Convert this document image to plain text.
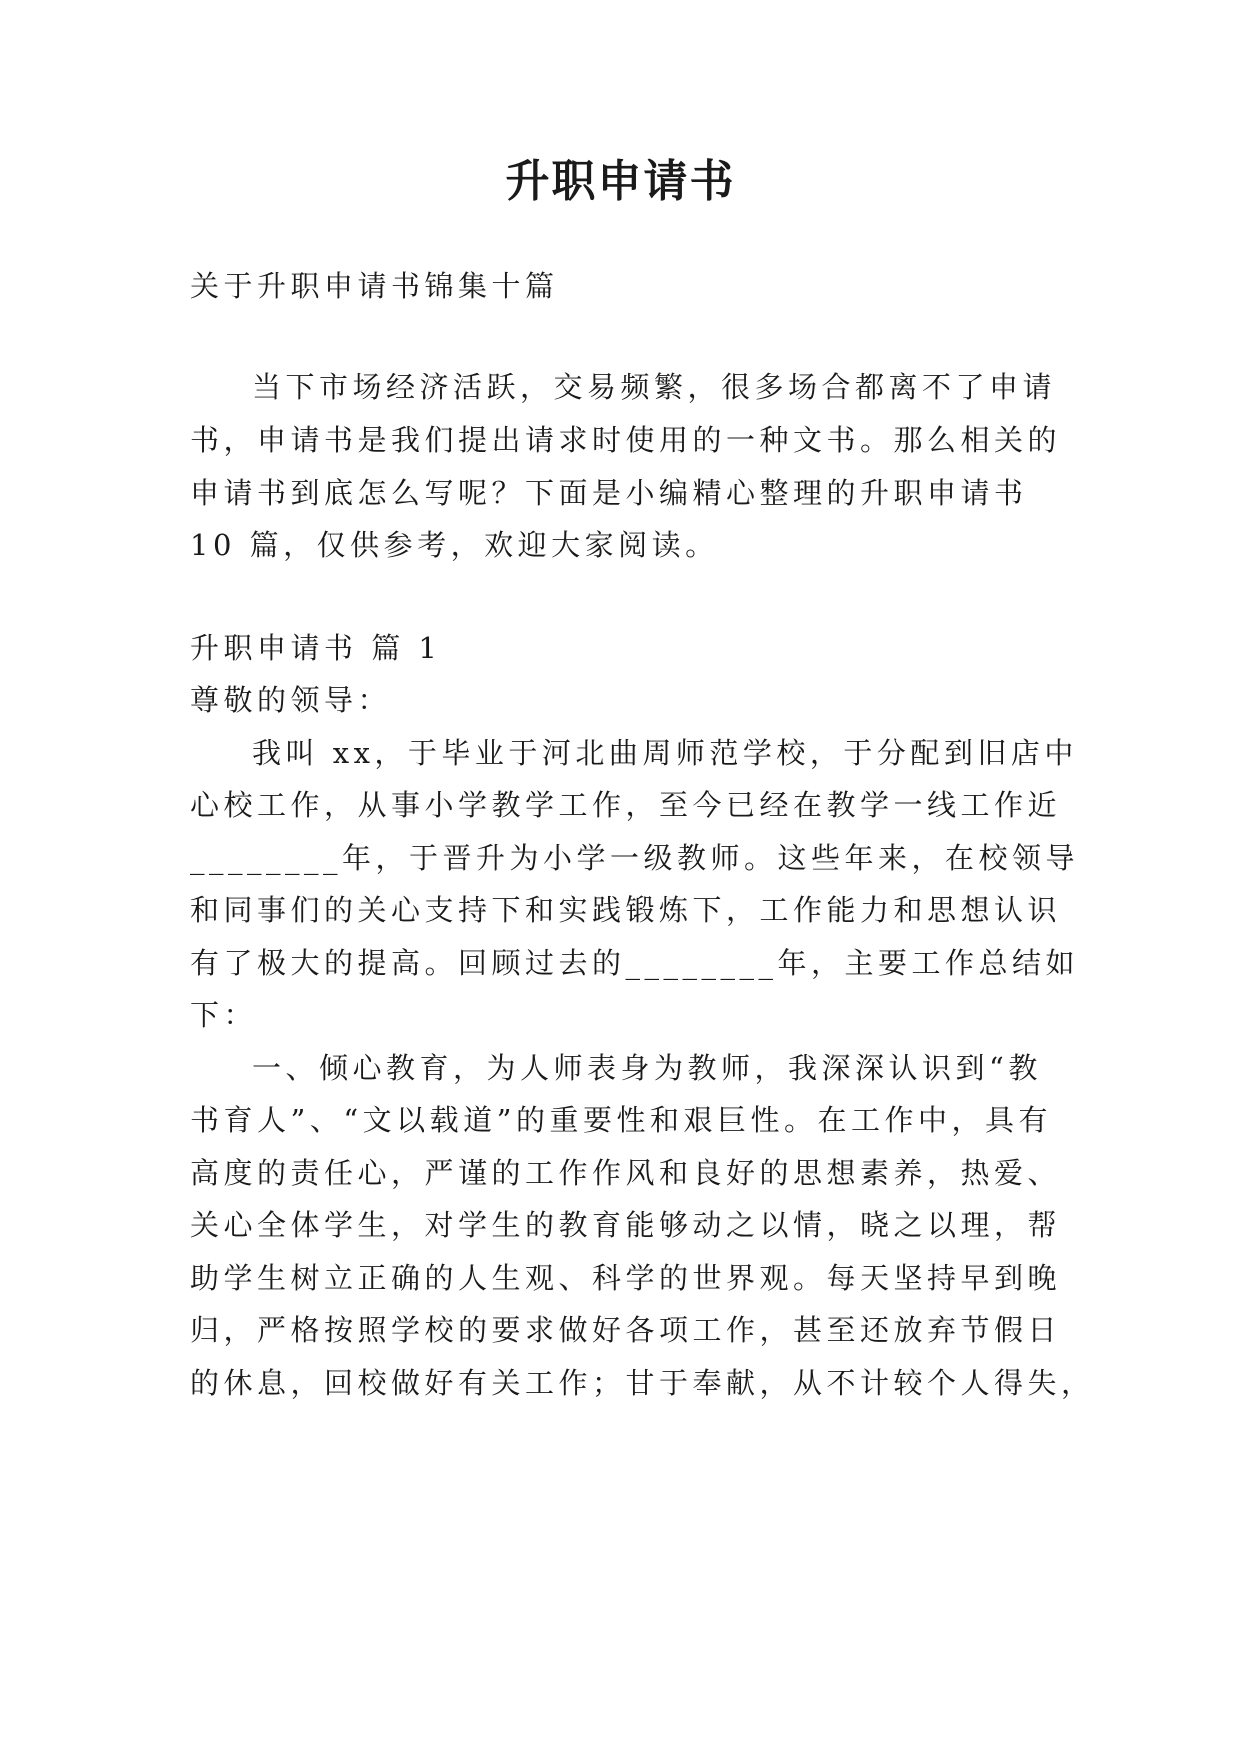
升职申请书
关于升职申请书锦集十篇
当下市场经济活跃，交易频繁，很多场合都离不了申请
书，申请书是我们提出请求时使用的一种文书。那么相关的
申请书到底怎么写呢？下面是小编精心整理的升职申请书
10 篇，仅供参考，欢迎大家阅读。
升职申请书 篇 1
尊敬的领导：
我叫 xx，于毕业于河北曲周师范学校，于分配到旧店中
心校工作，从事小学教学工作，至今已经在教学一线工作近
________年，于晋升为小学一级教师。这些年来，在校领导
和同事们的关心支持下和实践锻炼下，工作能力和思想认识
有了极大的提高。回顾过去的________年，主要工作总结如
下：
一、倾心教育，为人师表身为教师，我深深认识到“教
书育人”、“文以载道”的重要性和艰巨性。在工作中，具有
高度的责任心，严谨的工作作风和良好的思想素养，热爱、
关心全体学生，对学生的教育能够动之以情，晓之以理，帮
助学生树立正确的人生观、科学的世界观。每天坚持早到晚
归，严格按照学校的要求做好各项工作，甚至还放弃节假日
的休息，回校做好有关工作；甘于奉献，从不计较个人得失，
